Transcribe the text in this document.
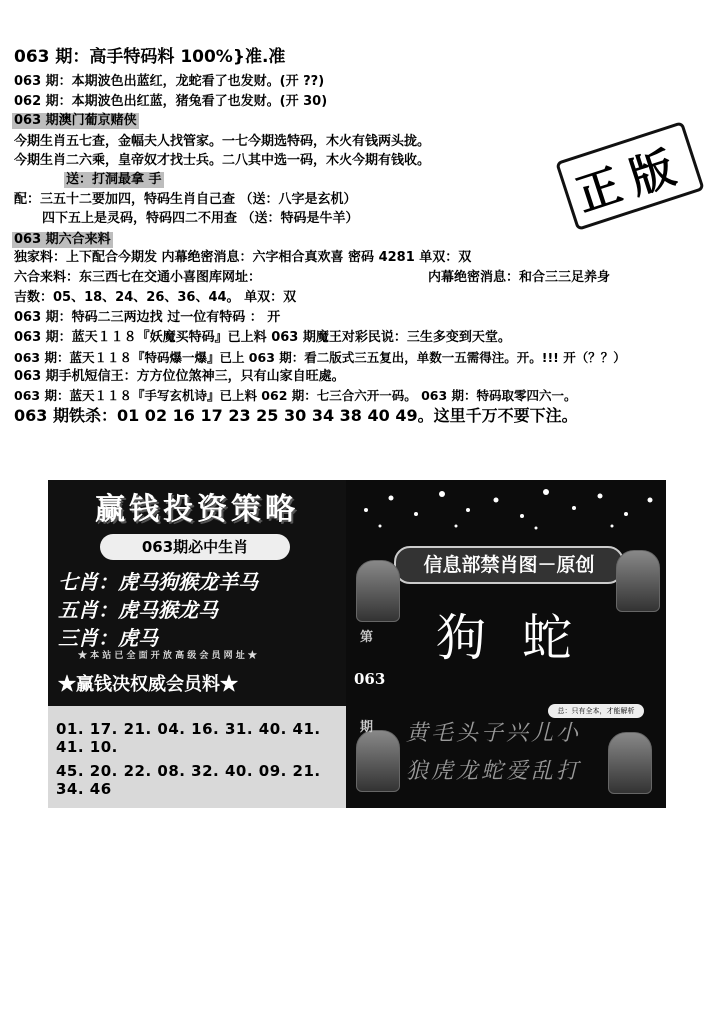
063 期：高手特码料 100%}准.准
063 期：本期波色出蓝红，龙蛇看了也发财。(开 ??)
062 期：本期波色出红蓝，猪兔看了也发财。(开 30)
063 期澳门葡京赌侠
今期生肖五七查，金幅夫人找管家。一七今期选特码，木火有钱两头拢。
今期生肖二六乘，皇帝奴才找士兵。二八其中选一码，木火今期有钱收。
送：打洞最拿 手
配：三五十二要加四，特码生肖自己查 （送：八字是玄机）
四下五上是灵码，特码四二不用查 （送：特码是牛羊）
063 期六合来料
独家料：上下配合今期发 内幕绝密消息：六字相合真欢喜 密码 4281 单双：双
六合来料：东三西七在交通小喜图库网址：	内幕绝密消息：和合三三足养身
吉数：05、18、24、26、36、44。 单双：双
063 期：特码二三两边找 过一位有特码 ： 开
063 期：蓝天１１８『妖魔买特码』已上料 063 期魔王对彩民说：三生多变到天堂。
063 期：蓝天１１８『特码爆一爆』已上 063 期：看二版式三五复出，单数一五需得注。开。!!! 开（？？）
063 期手机短信王：方方位位煞神三，只有山家自旺處。
063 期：蓝天１１８『手写玄机诗』已上料 062 期：七三合六开一码。 063 期：特码取零四六一。
063 期铁杀：01 02 16 17 23 25 30 34 38 40 49。这里千万不要下注。
正版
赢钱投资策略
063期必中生肖
七肖：虎马狗猴龙羊马
五肖：虎马猴龙马
三肖：虎马
★ 本 站 已 全 面 开 放 高 级 会 员 网 址 ★
★赢钱决权威会员料★
01. 17. 21. 04. 16. 31. 40. 41. 41. 10.
45. 20. 22. 08. 32. 40. 09. 21. 34. 46
信息部禁肖图－原创
第
063
期
狗蛇
总：只有全本，才能解析
黄毛头子兴儿小
狼虎龙蛇爱乱打
